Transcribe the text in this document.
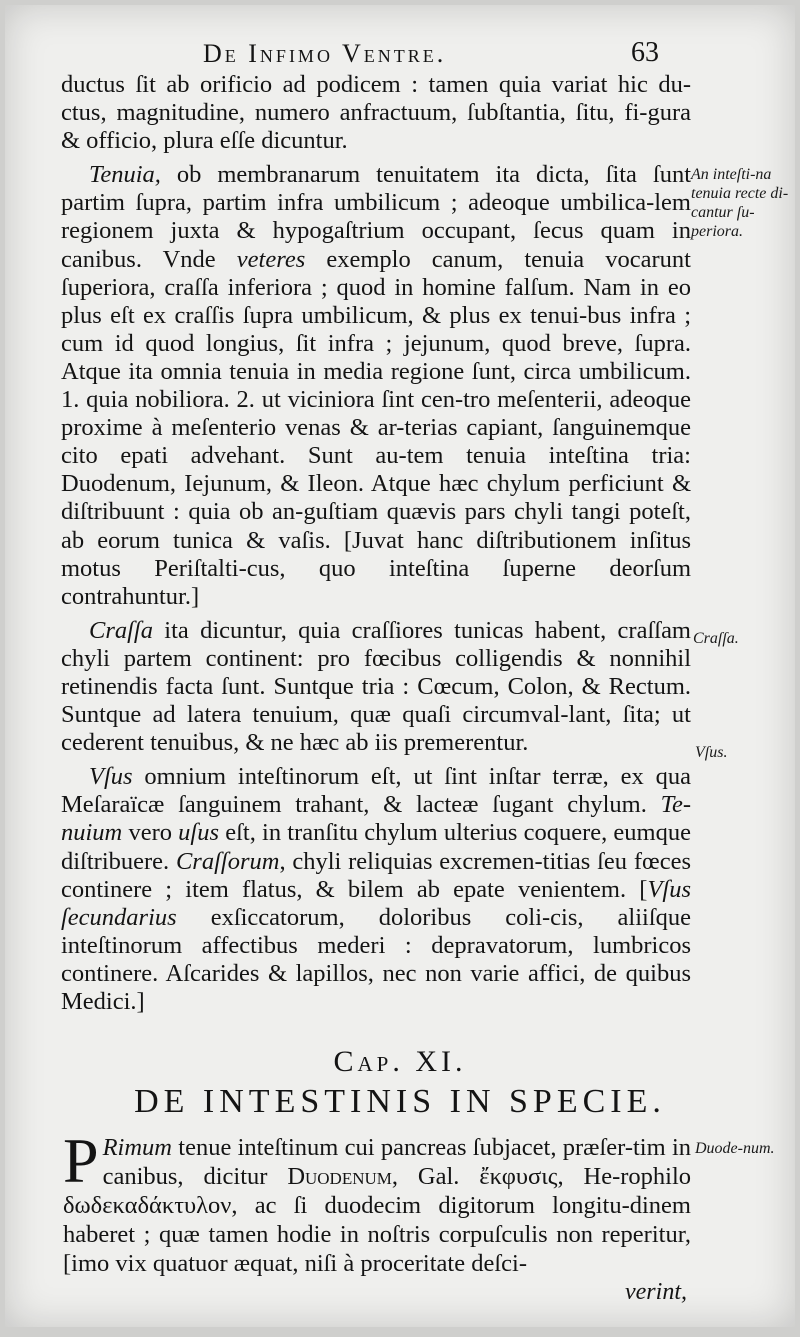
De Infimo Ventre.	63

ductus ſit ab orificio ad podicem : tamen quia variat hic du- ctus, magnitudine, numero anfractuum, ſubſtantia, ſitu, fi-gura & officio, plura eſſe dicuntur.

Tenuia, ob membranarum tenuitatem ita dicta, ſita ſunt partim ſupra, partim infra umbilicum ; adeoque umbilica-lem regionem juxta & hypogaſtrium occupant, ſecus quam in canibus. Vnde veteres exemplo canum, tenuia vocarunt ſuperiora, craſſa inferiora ; quod in homine falſum. Nam in eo plus eſt ex craſſis ſupra umbilicum, & plus ex tenui-bus infra ; cum id quod longius, ſit infra ; jejunum, quod breve, ſupra. Atque ita omnia tenuia in media regione ſunt, circa umbilicum. 1. quia nobiliora. 2. ut viciniora ſint cen-tro meſenterii, adeoque proxime à meſenterio venas & ar-terias capiant, ſanguinemque cito epati advehant. Sunt au-tem tenuia inteſtina tria: Duodenum, Iejunum, & Ileon. Atque hæc chylum perficiunt & diſtribuunt : quia ob an-guſtiam quævis pars chyli tangi poteſt, ab eorum tunica & vaſis. [Juvat hanc diſtributionem inſitus motus Periſtalti-cus, quo inteſtina ſuperne deorſum contrahuntur.]

Craſſa ita dicuntur, quia craſſiores tunicas habent, craſſam chyli partem continent: pro fœcibus colligendis & nonnihil retinendis facta ſunt. Suntque tria : Cœcum, Colon, & Rectum. Suntque ad latera tenuium, quæ quaſi circumval-lant, ſita; ut cederent tenuibus, & ne hæc ab iis premerentur.

Vſus omnium inteſtinorum eſt, ut ſint inſtar terræ, ex qua Meſaraïcæ ſanguinem trahant, & lacteæ ſugant chylum. Te-nuium vero uſus eſt, in tranſitu chylum ulterius coquere, eumque diſtribuere. Craſſorum, chyli reliquias excremen-titias ſeu fœces continere ; item flatus, & bilem ab epate venientem. [Vſus ſecundarius exſiccatorum, doloribus coli-cis, aliiſque inteſtinorum affectibus mederi : depravatorum, lumbricos continere. Aſcarides & lapillos, nec non varie affici, de quibus Medici.]

An inteſti-na tenuia recte di-cantur ſu-periora.
Craſſa.
Vſus.
Duode-num.
Cap. XI.
DE INTESTINIS IN SPECIE.
P Rimum tenue inteſtinum cui pancreas ſubjacet, præſer-tim in canibus, dicitur Duodenum, Gal. ἔκφυσις, He-rophilo δωδεκαδάκτυλον, ac ſi duodecim digitorum longitu-dinem haberet ; quæ tamen hodie in noſtris corpuſculis non reperitur, [imo vix quatuor æquat, niſi à proceritate deſci-
verint,
